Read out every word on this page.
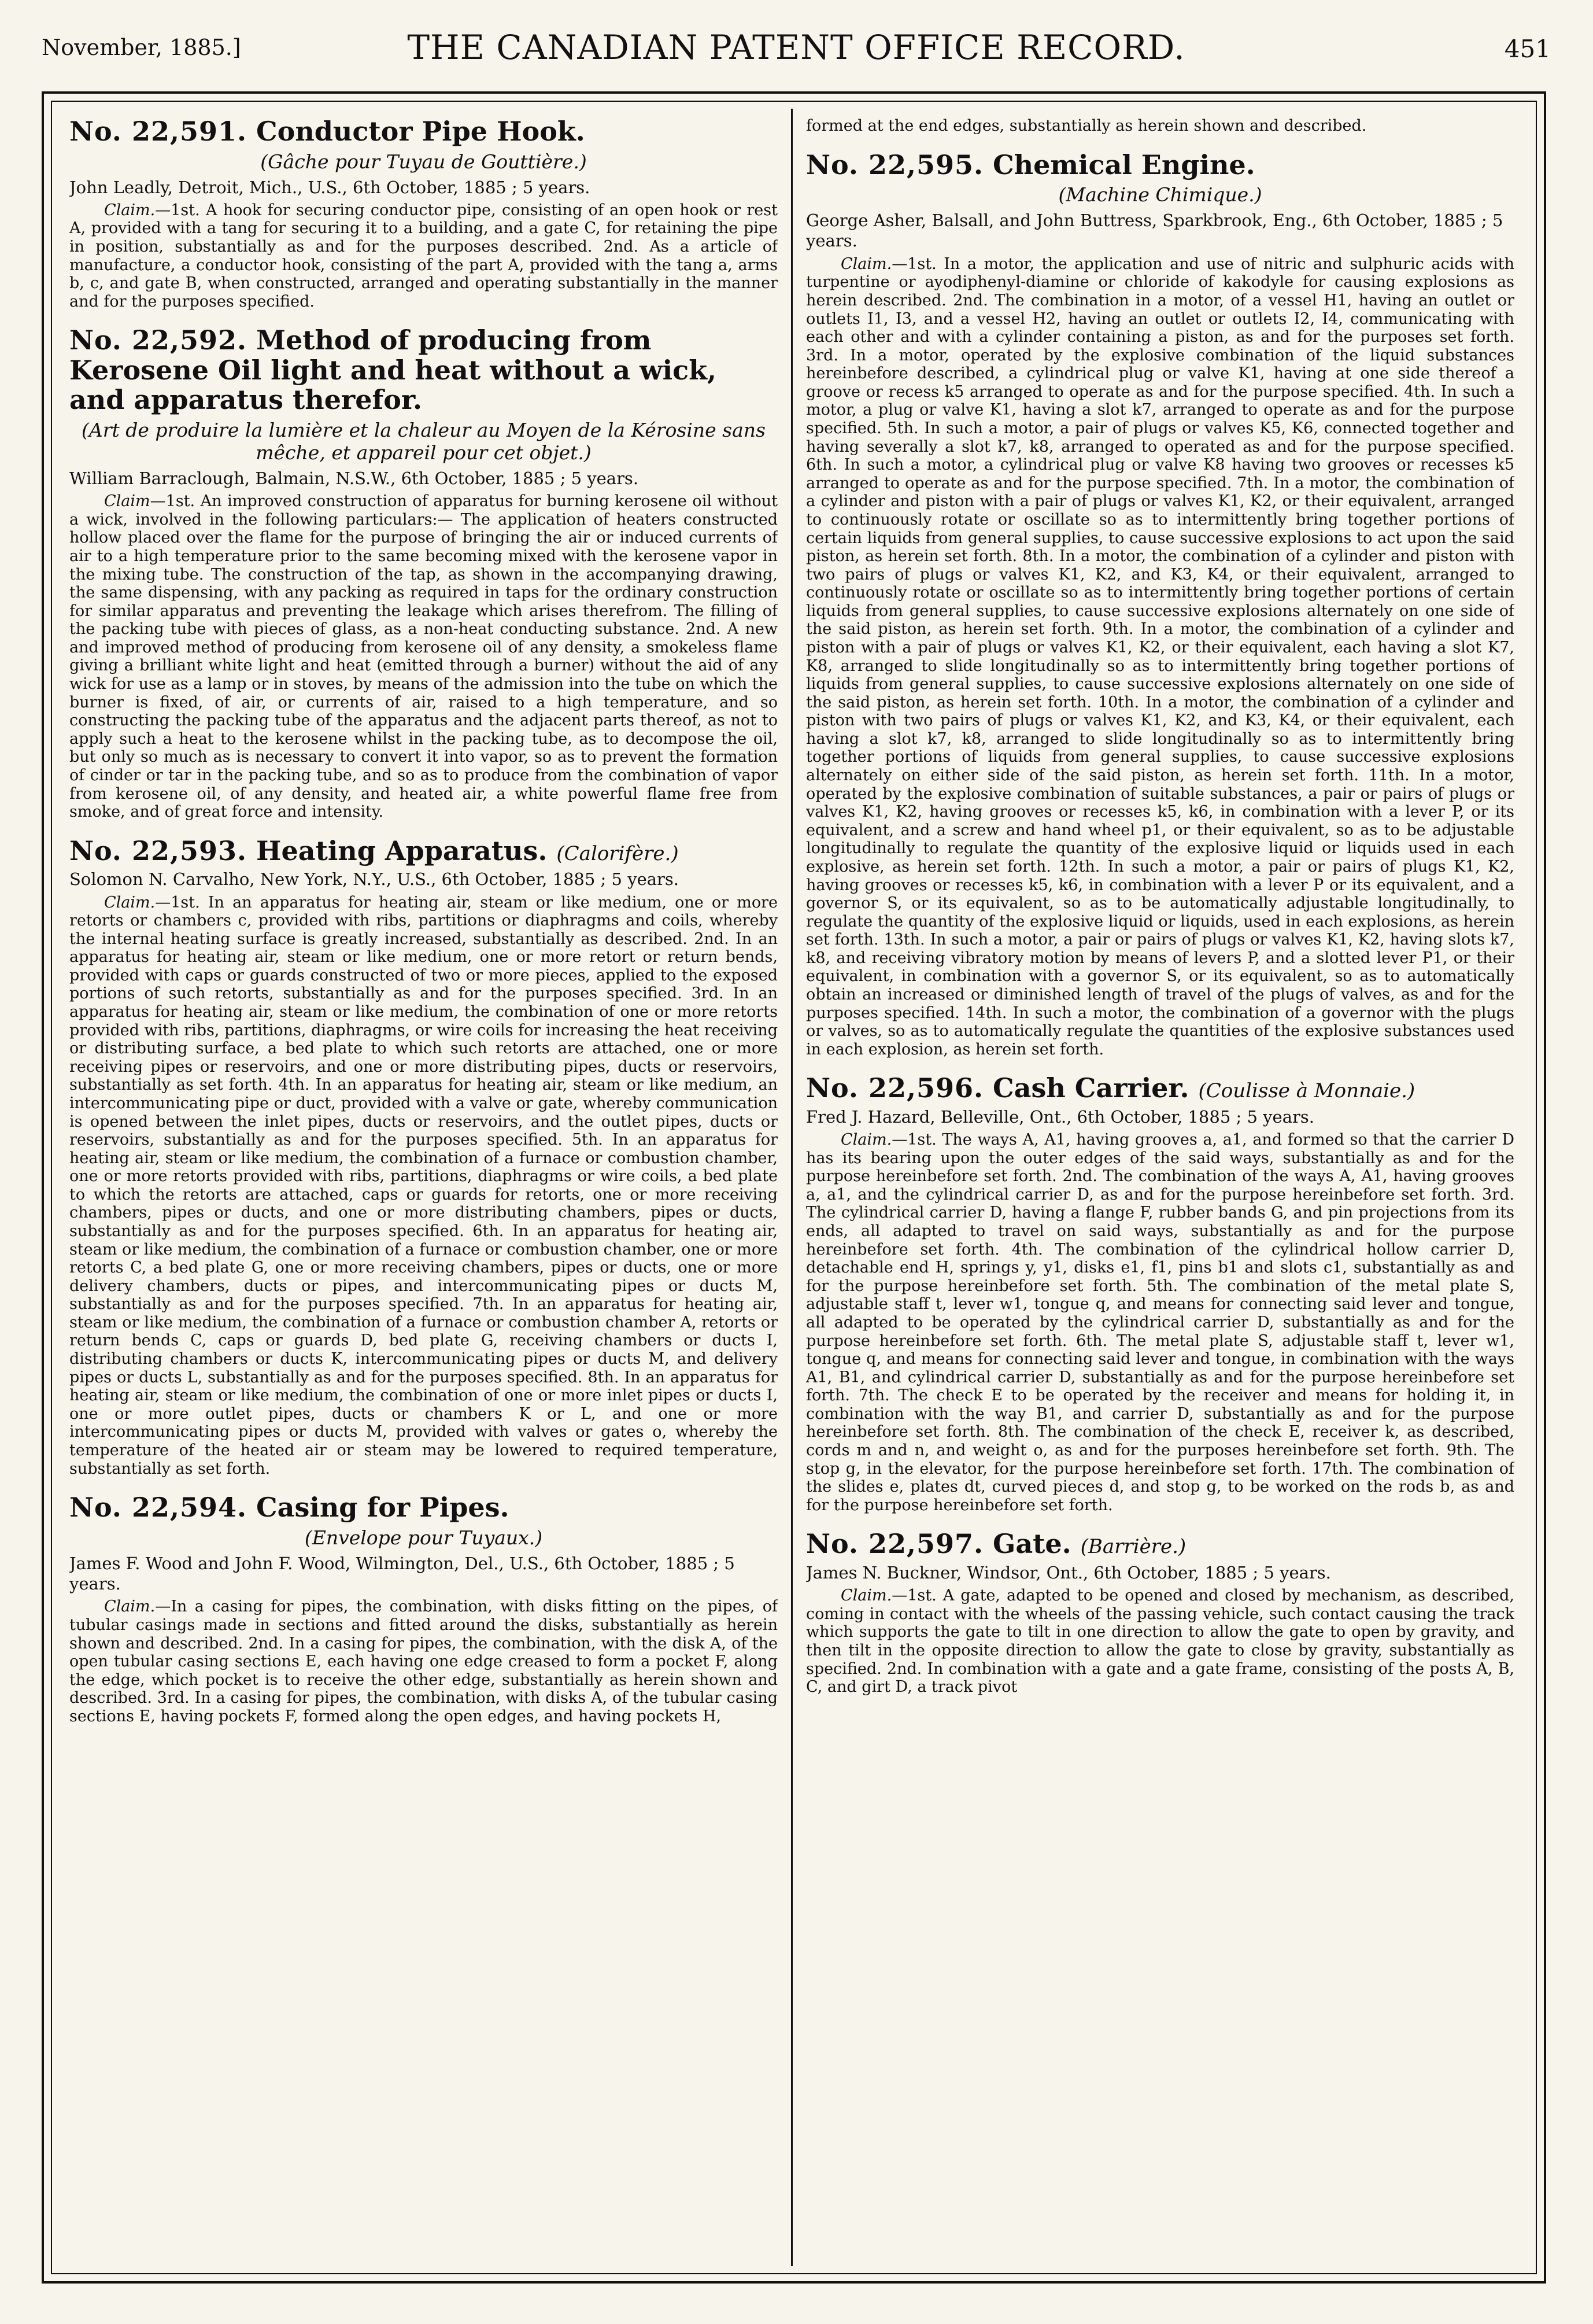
November, 1885.]	THE CANADIAN PATENT OFFICE RECORD.	451
No. 22,591. Conductor Pipe Hook.
(Gâche pour Tuyau de Gouttière.)

John Leadly, Detroit, Mich., U.S., 6th October, 1885 ; 5 years.

Claim.—1st. A hook for securing conductor pipe, consisting of an open hook or rest A, provided with a tang for securing it to a building, and a gate C, for retaining the pipe in position, substantially as and for the purposes described. 2nd. As a article of manufacture, a conductor hook, consisting of the part A, provided with the tang a, arms b, c, and gate B, when constructed, arranged and operating substantially in the manner and for the purposes specified.

No. 22,592. Method of producing from Kerosene Oil light and heat without a wick, and apparatus therefor.
(Art de produire la lumière et la chaleur au Moyen de la Kérosine sans mêche, et appareil pour cet objet.)

William Barraclough, Balmain, N.S.W., 6th October, 1885 ; 5 years.

Claim—1st. An improved construction of apparatus for burning kerosene oil without a wick, involved in the following particulars:— The application of heaters constructed hollow placed over the flame for the purpose of bringing the air or induced currents of air to a high temperature prior to the same becoming mixed with the kerosene vapor in the mixing tube. The construction of the tap, as shown in the accompanying drawing, the same dispensing, with any packing as required in taps for the ordinary construction for similar apparatus and preventing the leakage which arises therefrom. The filling of the packing tube with pieces of glass, as a non-heat conducting substance. 2nd. A new and improved method of producing from kerosene oil of any density, a smokeless flame giving a brilliant white light and heat (emitted through a burner) without the aid of any wick for use as a lamp or in stoves, by means of the admission into the tube on which the burner is fixed, of air, or currents of air, raised to a high temperature, and so constructing the packing tube of the apparatus and the adjacent parts thereof, as not to apply such a heat to the kerosene whilst in the packing tube, as to decompose the oil, but only so much as is necessary to convert it into vapor, so as to prevent the formation of cinder or tar in the packing tube, and so as to produce from the combination of vapor from kerosene oil, of any density, and heated air, a white powerful flame free from smoke, and of great force and intensity.

No. 22,593. Heating Apparatus. (Calorifère.)

Solomon N. Carvalho, New York, N.Y., U.S., 6th October, 1885 ; 5 years.

Claim.—1st. In an apparatus for heating air, steam or like medium, one or more retorts or chambers c, provided with ribs, partitions or diaphragms and coils, whereby the internal heating surface is greatly increased, substantially as described. 2nd. In an apparatus for heating air, steam or like medium, one or more retort or return bends, provided with caps or guards constructed of two or more pieces, applied to the exposed portions of such retorts, substantially as and for the purposes specified. 3rd. In an apparatus for heating air, steam or like medium, the combination of one or more retorts provided with ribs, partitions, diaphragms, or wire coils for increasing the heat receiving or distributing surface, a bed plate to which such retorts are attached, one or more receiving pipes or reservoirs, and one or more distributing pipes, ducts or reservoirs, substantially as set forth. 4th. In an apparatus for heating air, steam or like medium, an intercommunicating pipe or duct, provided with a valve or gate, whereby communication is opened between the inlet pipes, ducts or reservoirs, and the outlet pipes, ducts or reservoirs, substantially as and for the purposes specified. 5th. In an apparatus for heating air, steam or like medium, the combination of a furnace or combustion chamber, one or more retorts provided with ribs, partitions, diaphragms or wire coils, a bed plate to which the retorts are attached, caps or guards for retorts, one or more receiving chambers, pipes or ducts, and one or more distributing chambers, pipes or ducts, substantially as and for the purposes specified. 6th. In an apparatus for heating air, steam or like medium, the combination of a furnace or combustion chamber, one or more retorts C, a bed plate G, one or more receiving chambers, pipes or ducts, one or more delivery chambers, ducts or pipes, and intercommunicating pipes or ducts M, substantially as and for the purposes specified. 7th. In an apparatus for heating air, steam or like medium, the combination of a furnace or combustion chamber A, retorts or return bends C, caps or guards D, bed plate G, receiving chambers or ducts I, distributing chambers or ducts K, intercommunicating pipes or ducts M, and delivery pipes or ducts L, substantially as and for the purposes specified. 8th. In an apparatus for heating air, steam or like medium, the combination of one or more inlet pipes or ducts I, one or more outlet pipes, ducts or chambers K or L, and one or more intercommunicating pipes or ducts M, provided with valves or gates o, whereby the temperature of the heated air or steam may be lowered to required temperature, substantially as set forth.

No. 22,594. Casing for Pipes.
(Envelope pour Tuyaux.)

James F. Wood and John F. Wood, Wilmington, Del., U.S., 6th October, 1885 ; 5 years.

Claim.—In a casing for pipes, the combination, with disks fitting on the pipes, of tubular casings made in sections and fitted around the disks, substantially as herein shown and described. 2nd. In a casing for pipes, the combination, with the disk A, of the open tubular casing sections E, each having one edge creased to form a pocket F, along the edge, which pocket is to receive the other edge, substantially as herein shown and described. 3rd. In a casing for pipes, the combination, with disks A, of the tubular casing sections E, having pockets F, formed along the open edges, and having pockets H,

formed at the end edges, substantially as herein shown and described.

No. 22,595. Chemical Engine.
(Machine Chimique.)

George Asher, Balsall, and John Buttress, Sparkbrook, Eng., 6th October, 1885 ; 5 years.

Claim.—1st. In a motor, the application and use of nitric and sulphuric acids with turpentine or ayodiphenyl-diamine or chloride of kakodyle for causing explosions as herein described. 2nd. The combination in a motor, of a vessel H1, having an outlet or outlets I1, I3, and a vessel H2, having an outlet or outlets I2, I4, communicating with each other and with a cylinder containing a piston, as and for the purposes set forth. 3rd. In a motor, operated by the explosive combination of the liquid substances hereinbefore described, a cylindrical plug or valve K1, having at one side thereof a groove or recess k5 arranged to operate as and for the purpose specified. 4th. In such a motor, a plug or valve K1, having a slot k7, arranged to operate as and for the purpose specified. 5th. In such a motor, a pair of plugs or valves K5, K6, connected together and having severally a slot k7, k8, arranged to operated as and for the purpose specified. 6th. In such a motor, a cylindrical plug or valve K8 having two grooves or recesses k5 arranged to operate as and for the purpose specified. 7th. In a motor, the combination of a cylinder and piston with a pair of plugs or valves K1, K2, or their equivalent, arranged to continuously rotate or oscillate so as to intermittently bring together portions of certain liquids from general supplies, to cause successive explosions to act upon the said piston, as herein set forth. 8th. In a motor, the combination of a cylinder and piston with two pairs of plugs or valves K1, K2, and K3, K4, or their equivalent, arranged to continuously rotate or oscillate so as to intermittently bring together portions of certain liquids from general supplies, to cause successive explosions alternately on one side of the said piston, as herein set forth. 9th. In a motor, the combination of a cylinder and piston with a pair of plugs or valves K1, K2, or their equivalent, each having a slot K7, K8, arranged to slide longitudinally so as to intermittently bring together portions of liquids from general supplies, to cause successive explosions alternately on one side of the said piston, as herein set forth. 10th. In a motor, the combination of a cylinder and piston with two pairs of plugs or valves K1, K2, and K3, K4, or their equivalent, each having a slot k7, k8, arranged to slide longitudinally so as to intermittently bring together portions of liquids from general supplies, to cause successive explosions alternately on either side of the said piston, as herein set forth. 11th. In a motor, operated by the explosive combination of suitable substances, a pair or pairs of plugs or valves K1, K2, having grooves or recesses k5, k6, in combination with a lever P, or its equivalent, and a screw and hand wheel p1, or their equivalent, so as to be adjustable longitudinally to regulate the quantity of the explosive liquid or liquids used in each explosive, as herein set forth. 12th. In such a motor, a pair or pairs of plugs K1, K2, having grooves or recesses k5, k6, in combination with a lever P or its equivalent, and a governor S, or its equivalent, so as to be automatically adjustable longitudinally, to regulate the quantity of the explosive liquid or liquids, used in each explosions, as herein set forth. 13th. In such a motor, a pair or pairs of plugs or valves K1, K2, having slots k7, k8, and receiving vibratory motion by means of levers P, and a slotted lever P1, or their equivalent, in combination with a governor S, or its equivalent, so as to automatically obtain an increased or diminished length of travel of the plugs of valves, as and for the purposes specified. 14th. In such a motor, the combination of a governor with the plugs or valves, so as to automatically regulate the quantities of the explosive substances used in each explosion, as herein set forth.

No. 22,596. Cash Carrier. (Coulisse à Monnaie.)

Fred J. Hazard, Belleville, Ont., 6th October, 1885 ; 5 years.

Claim.—1st. The ways A, A1, having grooves a, a1, and formed so that the carrier D has its bearing upon the outer edges of the said ways, substantially as and for the purpose hereinbefore set forth. 2nd. The combination of the ways A, A1, having grooves a, a1, and the cylindrical carrier D, as and for the purpose hereinbefore set forth. 3rd. The cylindrical carrier D, having a flange F, rubber bands G, and pin projections from its ends, all adapted to travel on said ways, substantially as and for the purpose hereinbefore set forth. 4th. The combination of the cylindrical hollow carrier D, detachable end H, springs y, y1, disks e1, f1, pins b1 and slots c1, substantially as and for the purpose hereinbefore set forth. 5th. The combination of the metal plate S, adjustable staff t, lever w1, tongue q, and means for connecting said lever and tongue, all adapted to be operated by the cylindrical carrier D, substantially as and for the purpose hereinbefore set forth. 6th. The metal plate S, adjustable staff t, lever w1, tongue q, and means for connecting said lever and tongue, in combination with the ways A1, B1, and cylindrical carrier D, substantially as and for the purpose hereinbefore set forth. 7th. The check E to be operated by the receiver and means for holding it, in combination with the way B1, and carrier D, substantially as and for the purpose hereinbefore set forth. 8th. The combination of the check E, receiver k, as described, cords m and n, and weight o, as and for the purposes hereinbefore set forth. 9th. The stop g, in the elevator, for the purpose hereinbefore set forth. 17th. The combination of the slides e, plates dt, curved pieces d, and stop g, to be worked on the rods b, as and for the purpose hereinbefore set forth.

No. 22,597. Gate. (Barrière.)

James N. Buckner, Windsor, Ont., 6th October, 1885 ; 5 years.

Claim.—1st. A gate, adapted to be opened and closed by mechanism, as described, coming in contact with the wheels of the passing vehicle, such contact causing the track which supports the gate to tilt in one direction to allow the gate to open by gravity, and then tilt in the opposite direction to allow the gate to close by gravity, substantially as specified. 2nd. In combination with a gate and a gate frame, consisting of the posts A, B, C, and girt D, a track pivot
